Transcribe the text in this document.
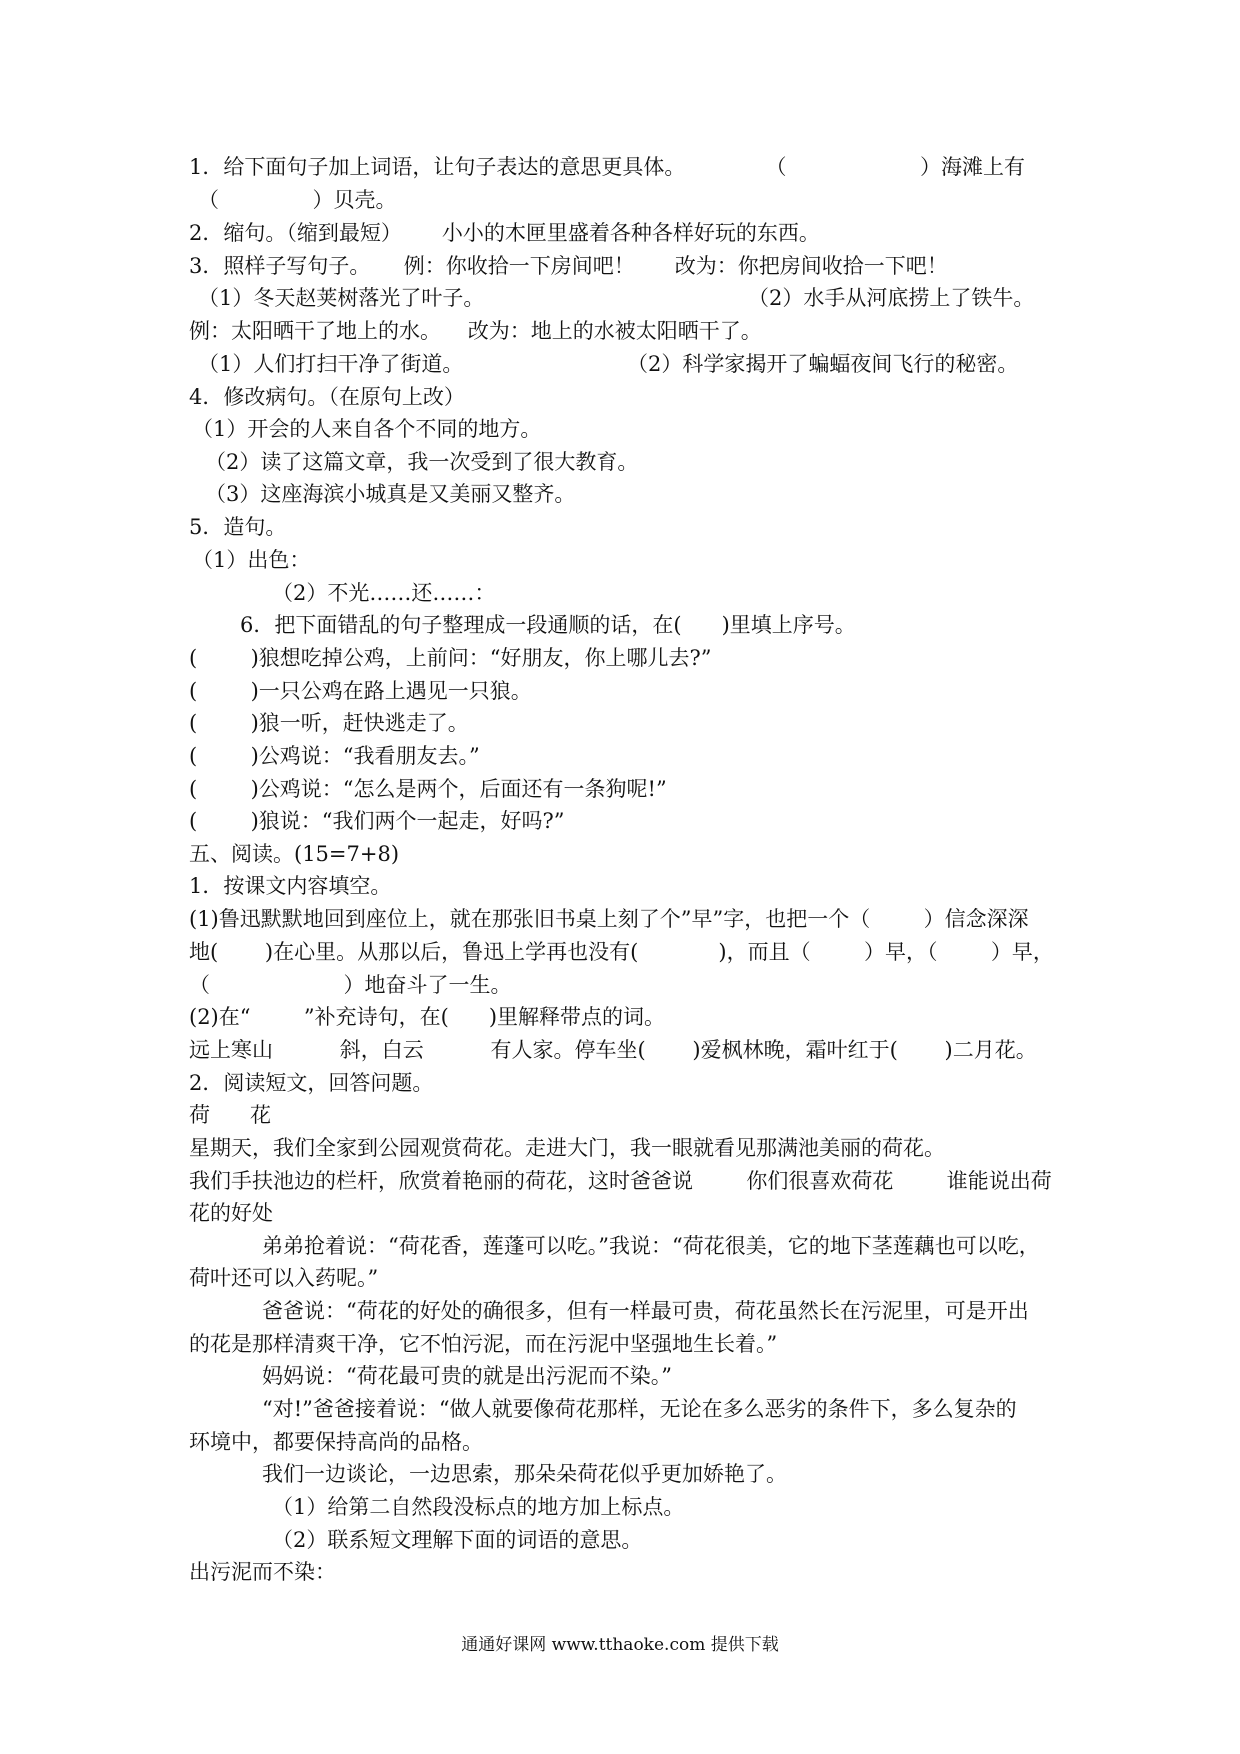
1．给下面句子加上词语，让句子表达的意思更具体。            （                    ）海滩上有
（              ）贝壳。
2．缩句。（缩到最短）      小小的木匣里盛着各种各样好玩的东西。
3．照样子写句子。     例：你收拾一下房间吧！      改为：你把房间收拾一下吧！
（1）冬天赵荚树落光了叶子。	（2）水手从河底捞上了铁牛。
例：太阳晒干了地上的水。    改为：地上的水被太阳晒干了。
（1）人们打扫干净了街道。	（2）科学家揭开了蝙蝠夜间飞行的秘密。
4．修改病句。（在原句上改）
（1）开会的人来自各个不同的地方。
（2）读了这篇文章，我一次受到了很大教育。
（3）这座海滨小城真是又美丽又整齐。
5．造句。
（1）出色：
（2）不光……还……：
6．把下面错乱的句子整理成一段通顺的话，在(      )里填上序号。
(        )狼想吃掉公鸡，上前问：“好朋友，你上哪儿去?”
(        )一只公鸡在路上遇见一只狼。
(        )狼一听，赶快逃走了。
(        )公鸡说：“我看朋友去。”
(        )公鸡说：“怎么是两个，后面还有一条狗呢!”
(        )狼说：“我们两个一起走，好吗?”
五、阅读。(15=7+8)
1．按课文内容填空。
(1)鲁迅默默地回到座位上，就在那张旧书桌上刻了个”早”字，也把一个（        ）信念深深
地(       )在心里。从那以后，鲁迅上学再也没有(            )，而且（        ）早，（        ）早，
（                    ）地奋斗了一生。
(2)在“        ”补充诗句，在(      )里解释带点的词。
远上寒山          斜，白云          有人家。停车坐(       )爱枫林晚，霜叶红于(       )二月花。
2．阅读短文，回答问题。
荷      花
星期天，我们全家到公园观赏荷花。走进大门，我一眼就看见那满池美丽的荷花。
我们手扶池边的栏杆，欣赏着艳丽的荷花，这时爸爸说        你们很喜欢荷花        谁能说出荷
花的好处
弟弟抢着说：“荷花香，莲蓬可以吃。”我说：“荷花很美，它的地下茎莲藕也可以吃，
荷叶还可以入药呢。”
爸爸说：“荷花的好处的确很多，但有一样最可贵，荷花虽然长在污泥里，可是开出
的花是那样清爽干净，它不怕污泥，而在污泥中坚强地生长着。”
妈妈说：“荷花最可贵的就是出污泥而不染。”
“对!”爸爸接着说：“做人就要像荷花那样，无论在多么恶劣的条件下，多么复杂的
环境中，都要保持高尚的品格。
我们一边谈论，一边思索，那朵朵荷花似乎更加娇艳了。
（1）给第二自然段没标点的地方加上标点。
（2）联系短文理解下面的词语的意思。
出污泥而不染：
通通好课网 www.tthaoke.com 提供下载
